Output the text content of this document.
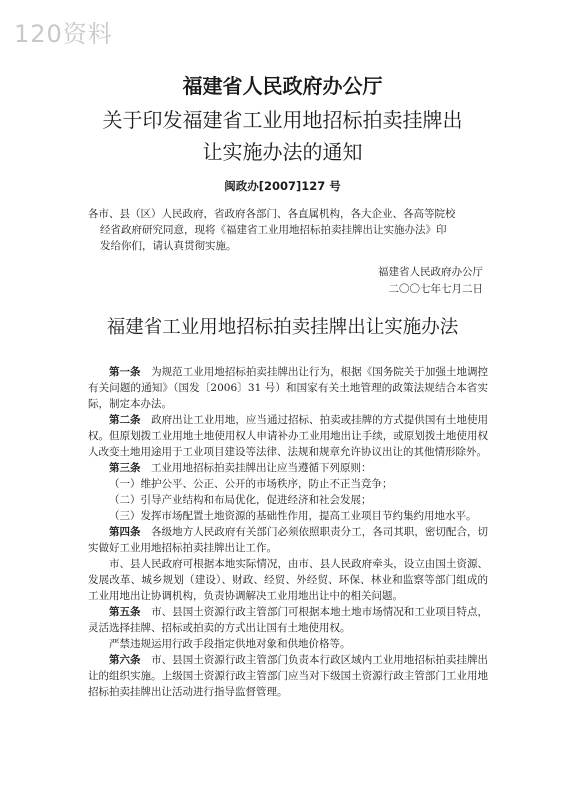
120资料

福建省人民政府办公厅

关于印发福建省工业用地招标拍卖挂牌出

让实施办法的通知

闽政办[2007]127 号
各市、县（区）人民政府，省政府各部门、各直属机构，各大企业、各高等院校
经省政府研究同意，现将《福建省工业用地招标拍卖挂牌出让实施办法》印
发给你们，请认真贯彻实施。
福建省人民政府办公厅
二〇〇七年七月二日
福建省工业用地招标拍卖挂牌出让实施办法

第一条　 为规范工业用地招标拍卖挂牌出让行为，根据《国务院关于加强土地调控有关问题的通知》（国发〔2006〕31 号）和国家有关土地管理的政策法规结合本省实际，制定本办法。

第二条　 政府出让工业用地，应当通过招标、拍卖或挂牌的方式提供国有土地使用权。但原划拨工业用地土地使用权人申请补办工业用地出让手续，或原划拨土地使用权人改变土地用途用于工业项目建设等法律、法规和规章允许协议出让的其他情形除外。

第三条　 工业用地招标拍卖挂牌出让应当遵循下列原则：

（一）维护公平、公正、公开的市场秩序，防止不正当竞争；

（二）引导产业结构和布局优化，促进经济和社会发展；

（三）发挥市场配置土地资源的基础性作用，提高工业项目节约集约用地水平。

第四条　 各级地方人民政府有关部门必须依照职责分工，各司其职，密切配合，切实做好工业用地招标拍卖挂牌出让工作。

市、县人民政府可根据本地实际情况，由市、县人民政府牵头，设立由国土资源、发展改革、城乡规划（建设）、财政、经贸、外经贸、环保、林业和监察等部门组成的工业用地出让协调机构，负责协调解决工业用地出让中的相关问题。

第五条　 市、县国土资源行政主管部门可根据本地土地市场情况和工业项目特点，灵活选择挂牌、招标或拍卖的方式出让国有土地使用权。

严禁违规运用行政手段指定供地对象和供地价格等。

第六条　 市、县国土资源行政主管部门负责本行政区域内工业用地招标拍卖挂牌出让的组织实施。上级国土资源行政主管部门应当对下级国土资源行政主管部门工业用地招标拍卖挂牌出让活动进行指导监督管理。
